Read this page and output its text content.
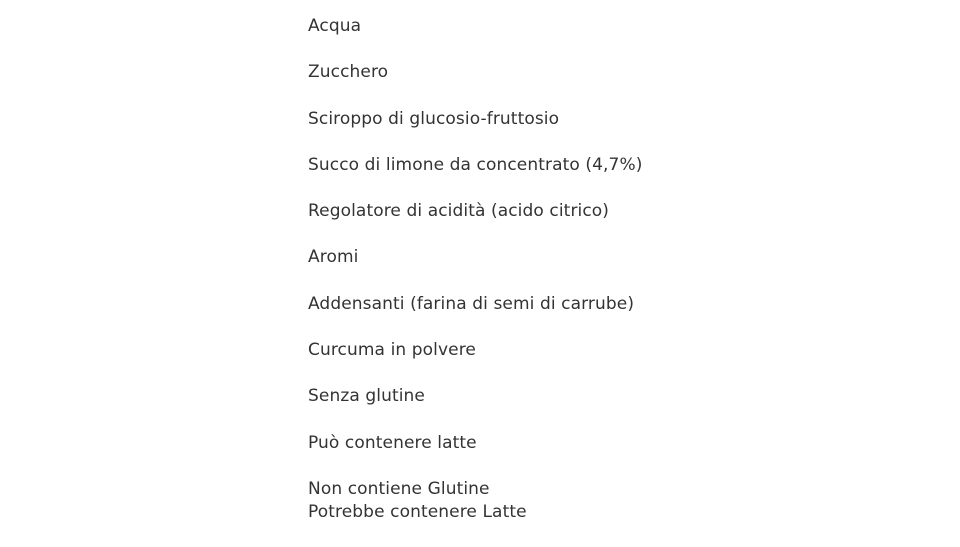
Acqua
Zucchero
Sciroppo di glucosio-fruttosio
Succo di limone da concentrato (4,7%)
Regolatore di acidità (acido citrico)
Aromi
Addensanti (farina di semi di carrube)
Curcuma in polvere
Senza glutine
Può contenere latte
Non contiene Glutine
Potrebbe contenere Latte
